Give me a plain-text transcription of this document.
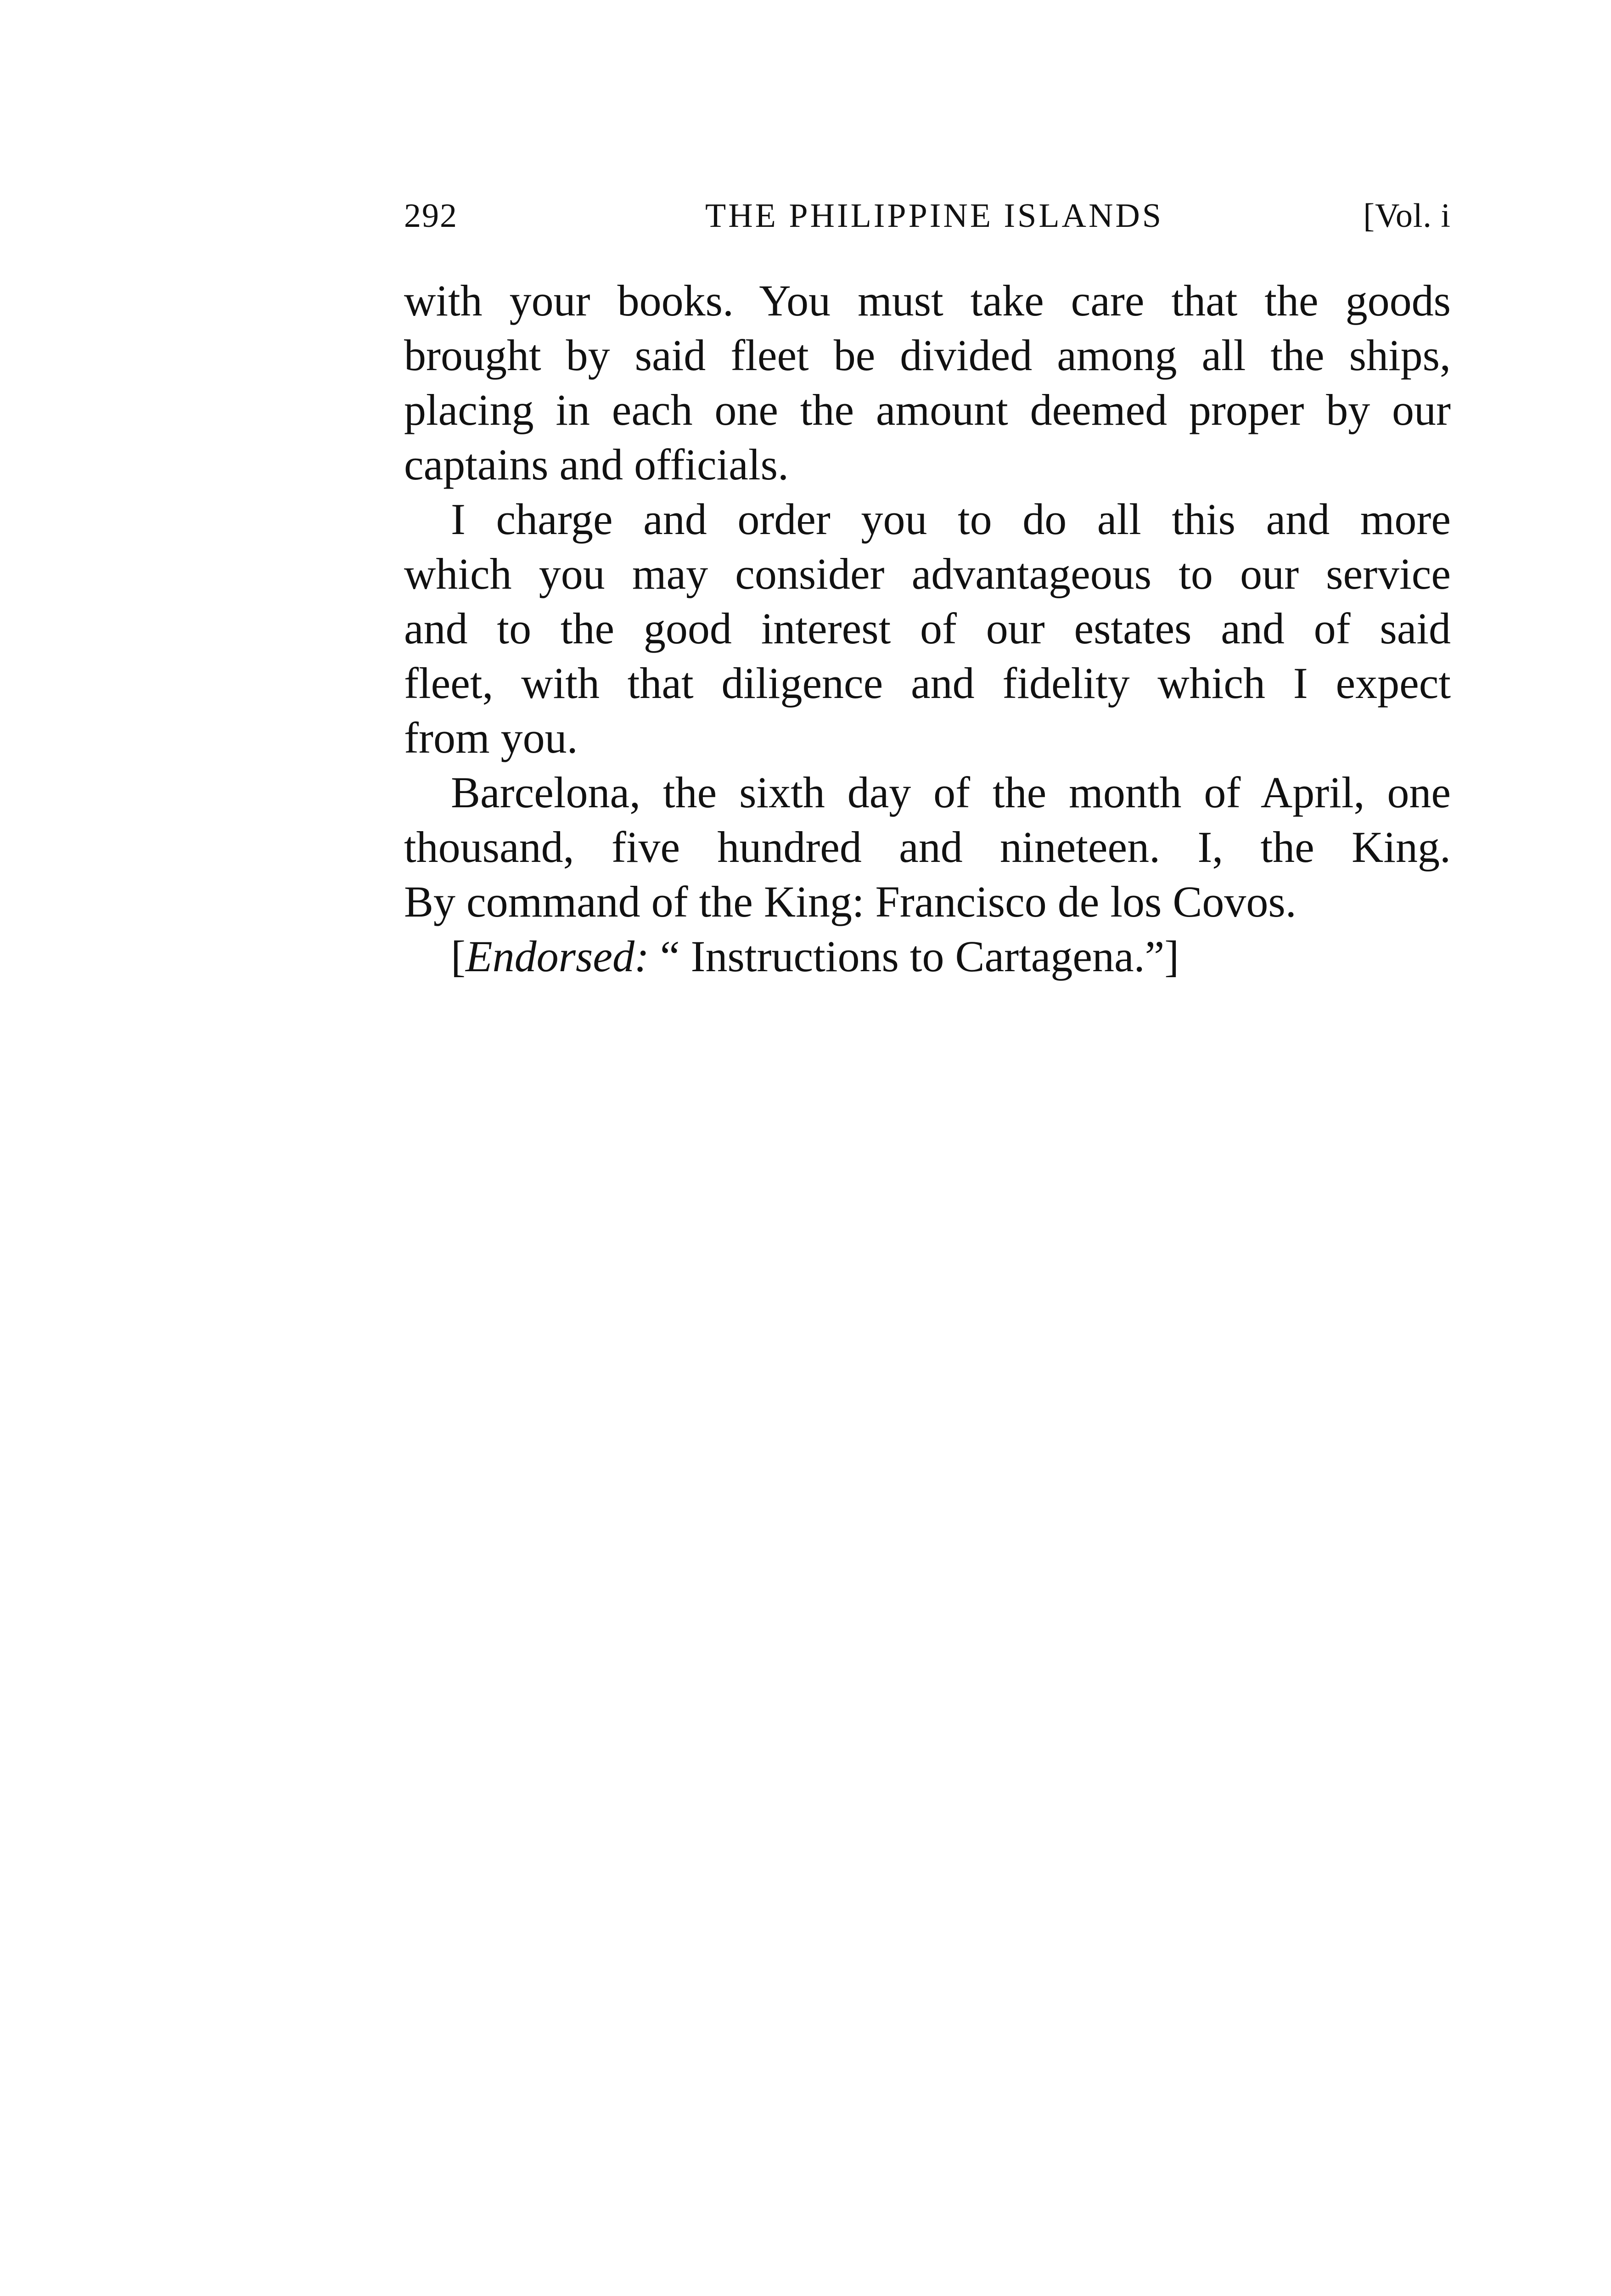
292	THE PHILIPPINE ISLANDS	[Vol. i

with your books. You must take care that the goods

brought by said fleet be divided among all the ships,

placing in each one the amount deemed proper by our

captains and officials.

I charge and order you to do all this and more

which you may consider advantageous to our service

and to the good interest of our estates and of said

fleet, with that diligence and fidelity which I expect

from you.

Barcelona, the sixth day of the month of April, one

thousand, five hundred and nineteen. I, the King.

By command of the King: Francisco de los Covos.

[Endorsed: “ Instructions to Cartagena.”]
